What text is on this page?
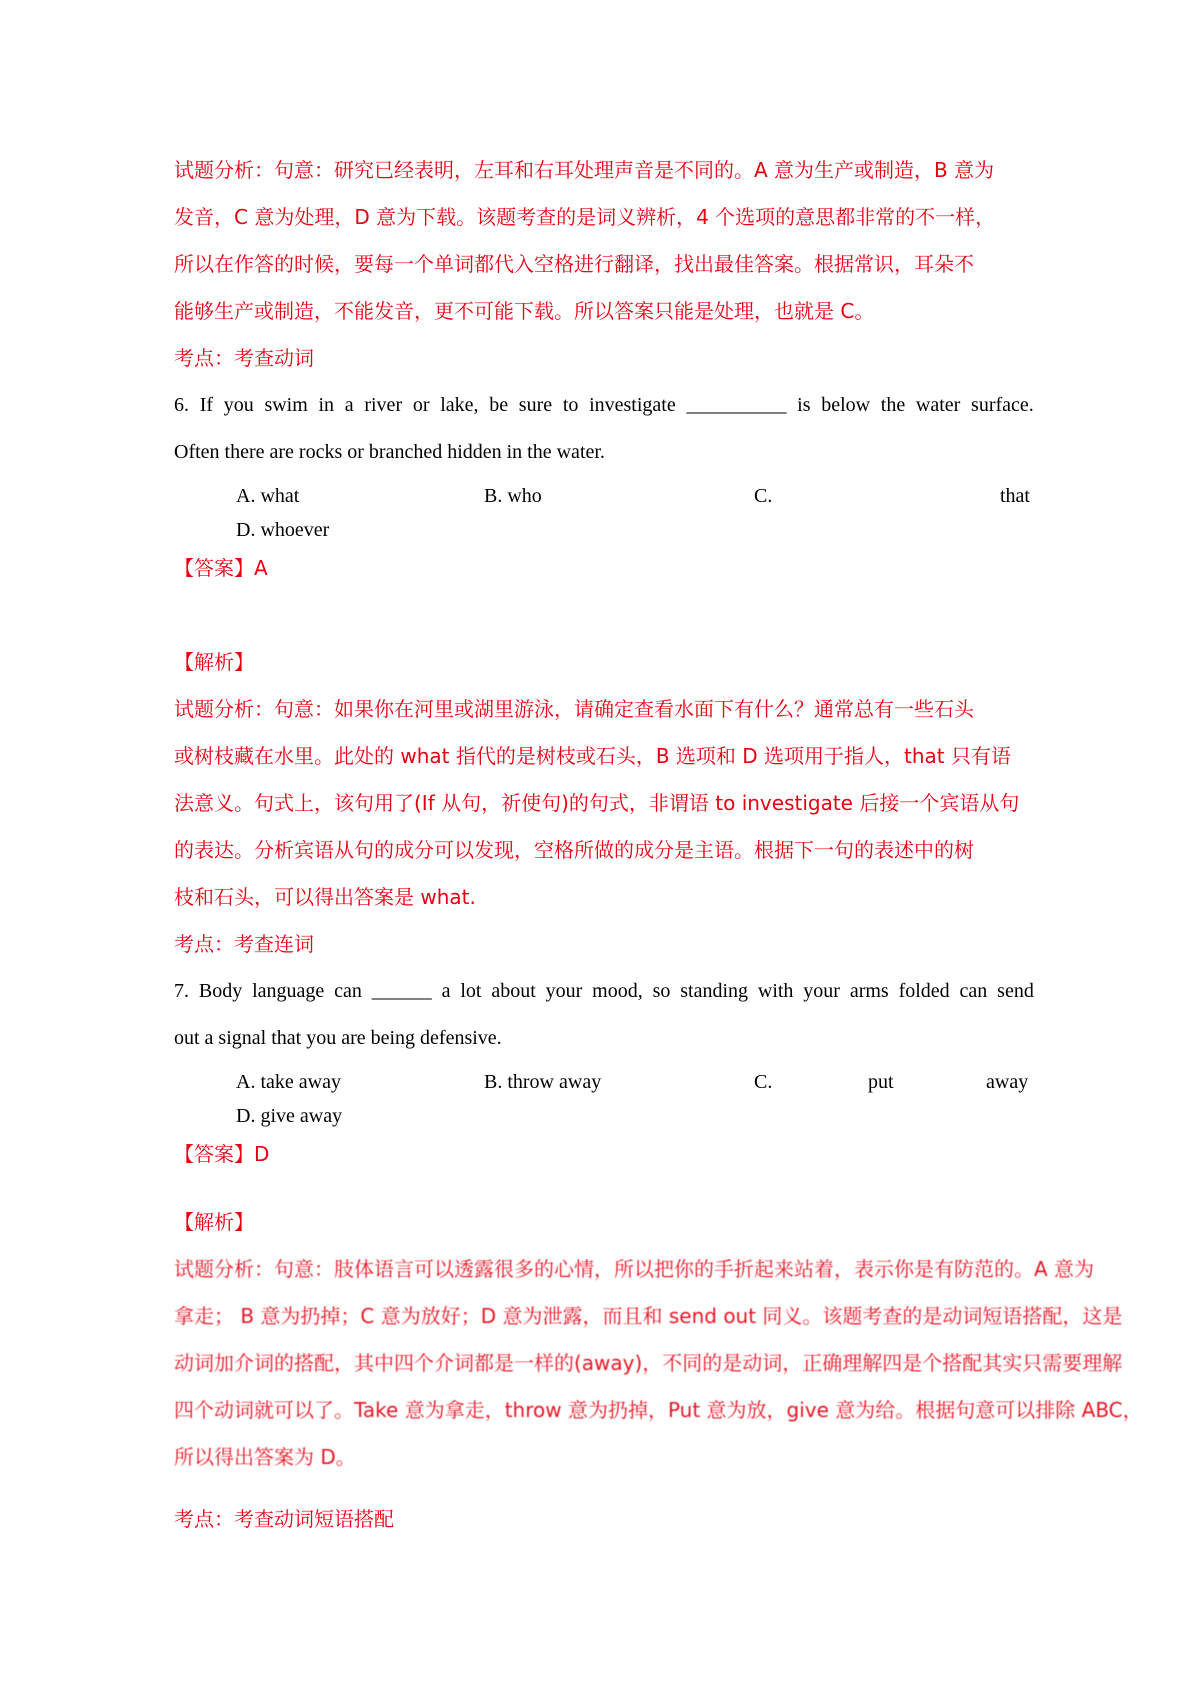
试题分析：句意：研究已经表明，左耳和右耳处理声音是不同的。A 意为生产或制造，B 意为
发音，C 意为处理，D 意为下载。该题考查的是词义辨析，4 个选项的意思都非常的不一样，
所以在作答的时候，要每一个单词都代入空格进行翻译，找出最佳答案。根据常识，耳朵不
能够生产或制造，不能发音，更不可能下载。所以答案只能是处理，也就是 C。
考点：考查动词
6. If you swim in a river or lake, be sure to investigate __________ is below the water surface.
Often there are rocks or branched hidden in the water.
A. what	B. who	C.	that
D. whoever
【答案】A
【解析】
试题分析：句意：如果你在河里或湖里游泳，请确定查看水面下有什么？通常总有一些石头
或树枝藏在水里。此处的 what 指代的是树枝或石头，B 选项和 D 选项用于指人，that 只有语
法意义。句式上，该句用了(If 从句，祈使句)的句式，非谓语 to investigate 后接一个宾语从句
的表达。分析宾语从句的成分可以发现，空格所做的成分是主语。根据下一句的表述中的树
枝和石头，可以得出答案是 what.
考点：考查连词
7. Body language can ______ a lot about your mood, so standing with your arms folded can send
out a signal that you are being defensive.
A. take away	B. throw away	C.	put	away
D. give away
【答案】D
【解析】
试题分析：句意：肢体语言可以透露很多的心情，所以把你的手折起来站着，表示你是有防范的。A 意为
拿走； B 意为扔掉；C 意为放好；D 意为泄露，而且和 send out 同义。该题考查的是动词短语搭配，这是
动词加介词的搭配，其中四个介词都是一样的(away)，不同的是动词，正确理解四是个搭配其实只需要理解
四个动词就可以了。Take 意为拿走，throw 意为扔掉，Put 意为放，give 意为给。根据句意可以排除 ABC，
所以得出答案为 D。
考点：考查动词短语搭配
